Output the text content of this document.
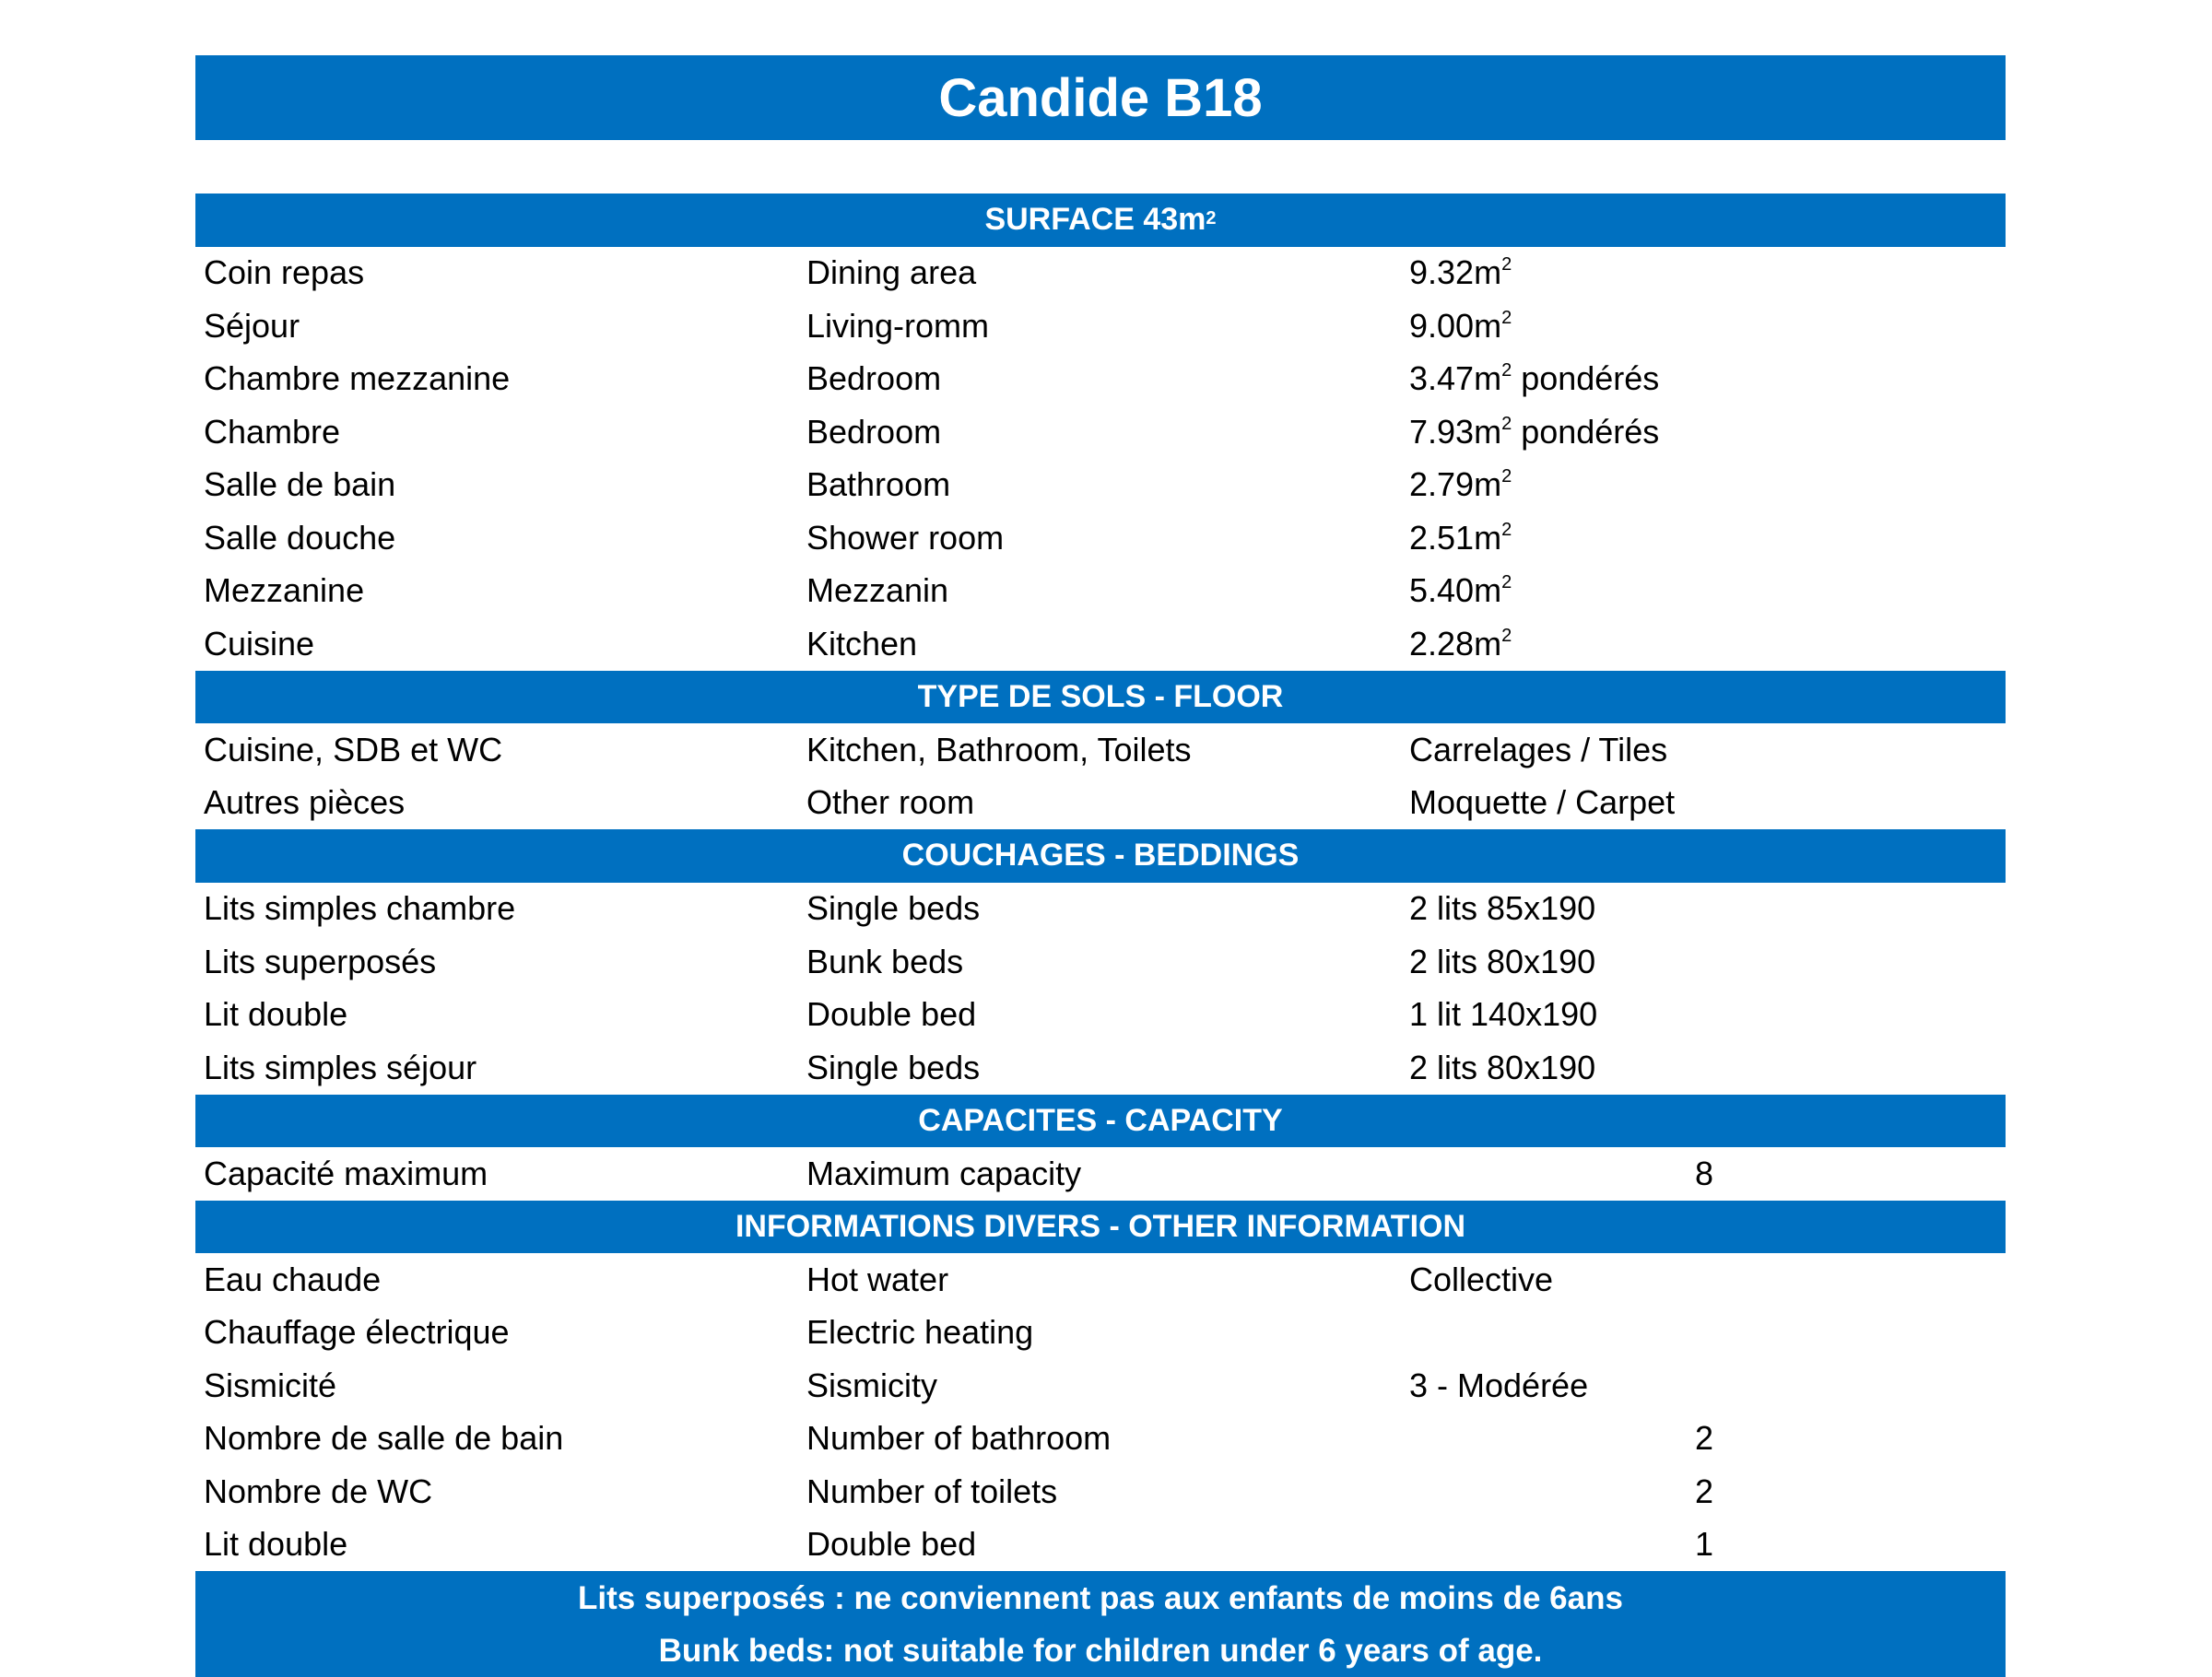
Candide B18
SURFACE $43m^2$
Coin repas	Dining area	$9.32m^2$
Séjour	Living-romm	$9.00m^2$
Chambre mezzanine	Bedroom	$3.47m^2$ pondérés
Chambre	Bedroom	$7.93m^2$ pondérés
Salle de bain	Bathroom	$2.79m^2$
Salle douche	Shower room	$2.51m^2$
Mezzanine	Mezzanin	$5.40m^2$
Cuisine	Kitchen	$2.28m^2$
TYPE DE SOLS - FLOOR
Cuisine, SDB et WC	Kitchen, Bathroom, Toilets	Carrelages / Tiles
Autres pièces	Other room	Moquette / Carpet
COUCHAGES - BEDDINGS
Lits simples chambre	Single beds	2 lits 85x190
Lits superposés	Bunk beds	2 lits 80x190
Lit double	Double bed	1 lit 140x190
Lits simples séjour	Single beds	2 lits 80x190
CAPACITES - CAPACITY
Capacité maximum	Maximum capacity	8
INFORMATIONS DIVERS - OTHER INFORMATION
Eau chaude	Hot water	Collective
Chauffage électrique	Electric heating
Sismicité	Sismicity	3 - Modérée
Nombre de salle de bain	Number of bathroom	2
Nombre de WC	Number of toilets	2
Lit double	Double bed	1
Lits superposés : ne conviennent pas aux enfants de moins de 6ans
Bunk beds: not suitable for children under 6 years of age.
